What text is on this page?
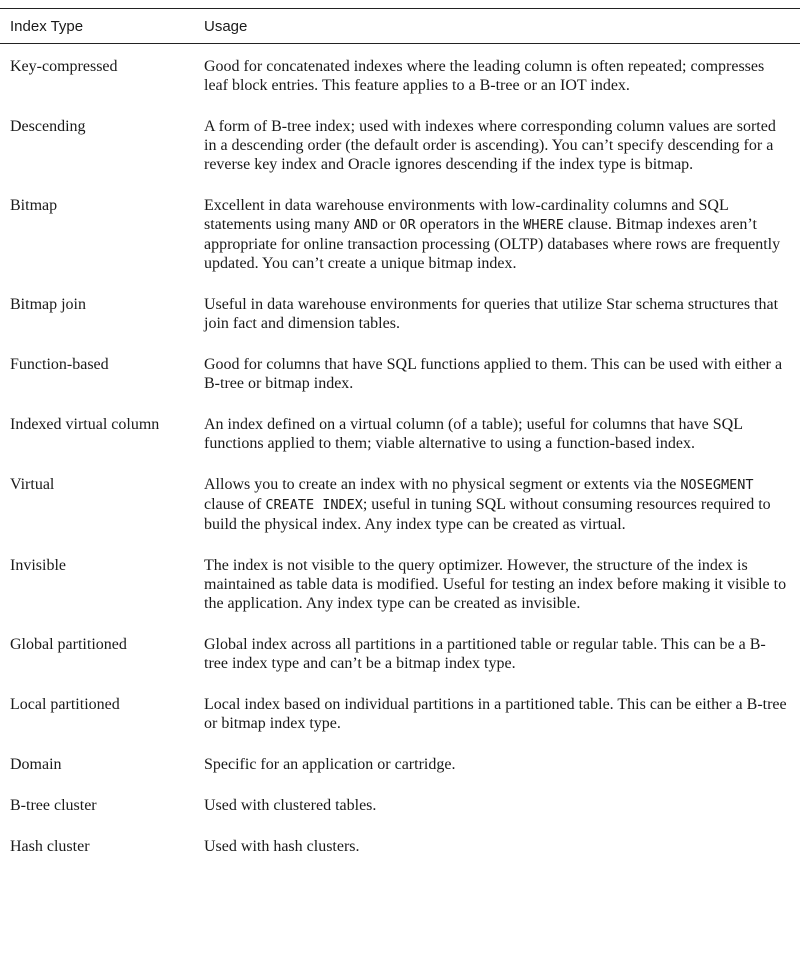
Index Type	Usage
Key-compressed	Good for concatenated indexes where the leading column is often repeated; compresses leaf block entries. This feature applies to a B-tree or an IOT index.
Descending	A form of B-tree index; used with indexes where corresponding column values are sorted in a descending order (the default order is ascending). You can’t specify descending for a reverse key index and Oracle ignores descending if the index type is bitmap.
Bitmap	Excellent in data warehouse environments with low-cardinality columns and SQL statements using many AND or OR operators in the WHERE clause. Bitmap indexes aren’t appropriate for online transaction processing (OLTP) databases where rows are frequently updated. You can’t create a unique bitmap index.
Bitmap join	Useful in data warehouse environments for queries that utilize Star schema structures that join fact and dimension tables.
Function-based	Good for columns that have SQL functions applied to them. This can be used with either a B-tree or bitmap index.
Indexed virtual column	An index defined on a virtual column (of a table); useful for columns that have SQL functions applied to them; viable alternative to using a function-based index.
Virtual	Allows you to create an index with no physical segment or extents via the NOSEGMENT clause of CREATE INDEX; useful in tuning SQL without consuming resources required to build the physical index. Any index type can be created as virtual.
Invisible	The index is not visible to the query optimizer. However, the structure of the index is maintained as table data is modified. Useful for testing an index before making it visible to the application. Any index type can be created as invisible.
Global partitioned	Global index across all partitions in a partitioned table or regular table. This can be a B-tree index type and can’t be a bitmap index type.
Local partitioned	Local index based on individual partitions in a partitioned table. This can be either a B-tree or bitmap index type.
Domain	Specific for an application or cartridge.
B-tree cluster	Used with clustered tables.
Hash cluster	Used with hash clusters.
